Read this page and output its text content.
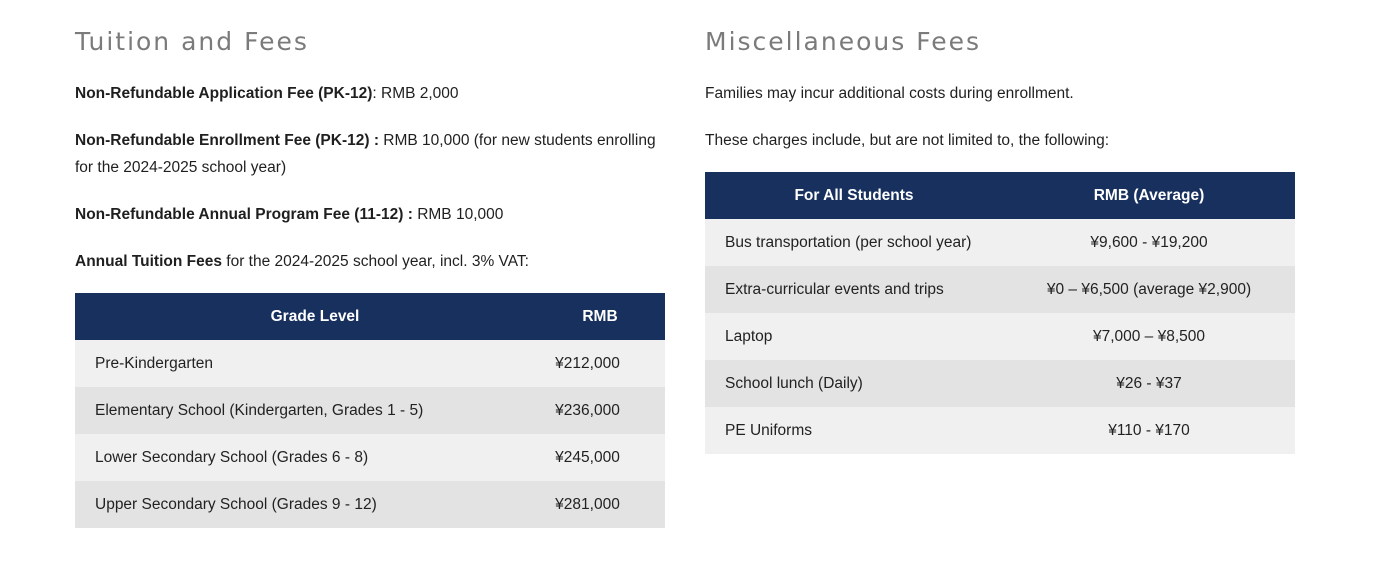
Tuition and Fees

Non-Refundable Application Fee (PK-12): RMB 2,000

Non-Refundable Enrollment Fee (PK-12) : RMB 10,000 (for new students enrolling for the 2024-2025 school year)

Non-Refundable Annual Program Fee (11-12) : RMB 10,000

Annual Tuition Fees for the 2024-2025 school year, incl. 3% VAT:

Grade Level	RMB
Pre-Kindergarten	¥212,000
Elementary School (Kindergarten, Grades 1 - 5)	¥236,000
Lower Secondary School (Grades 6 - 8)	¥245,000
Upper Secondary School (Grades 9 - 12)	¥281,000
Miscellaneous Fees

Families may incur additional costs during enrollment.

These charges include, but are not limited to, the following:

For All Students	RMB (Average)
Bus transportation (per school year)	¥9,600 - ¥19,200
Extra-curricular events and trips	¥0 – ¥6,500 (average ¥2,900)
Laptop	¥7,000 – ¥8,500
School lunch (Daily)	¥26 - ¥37
PE Uniforms	¥110 - ¥170
